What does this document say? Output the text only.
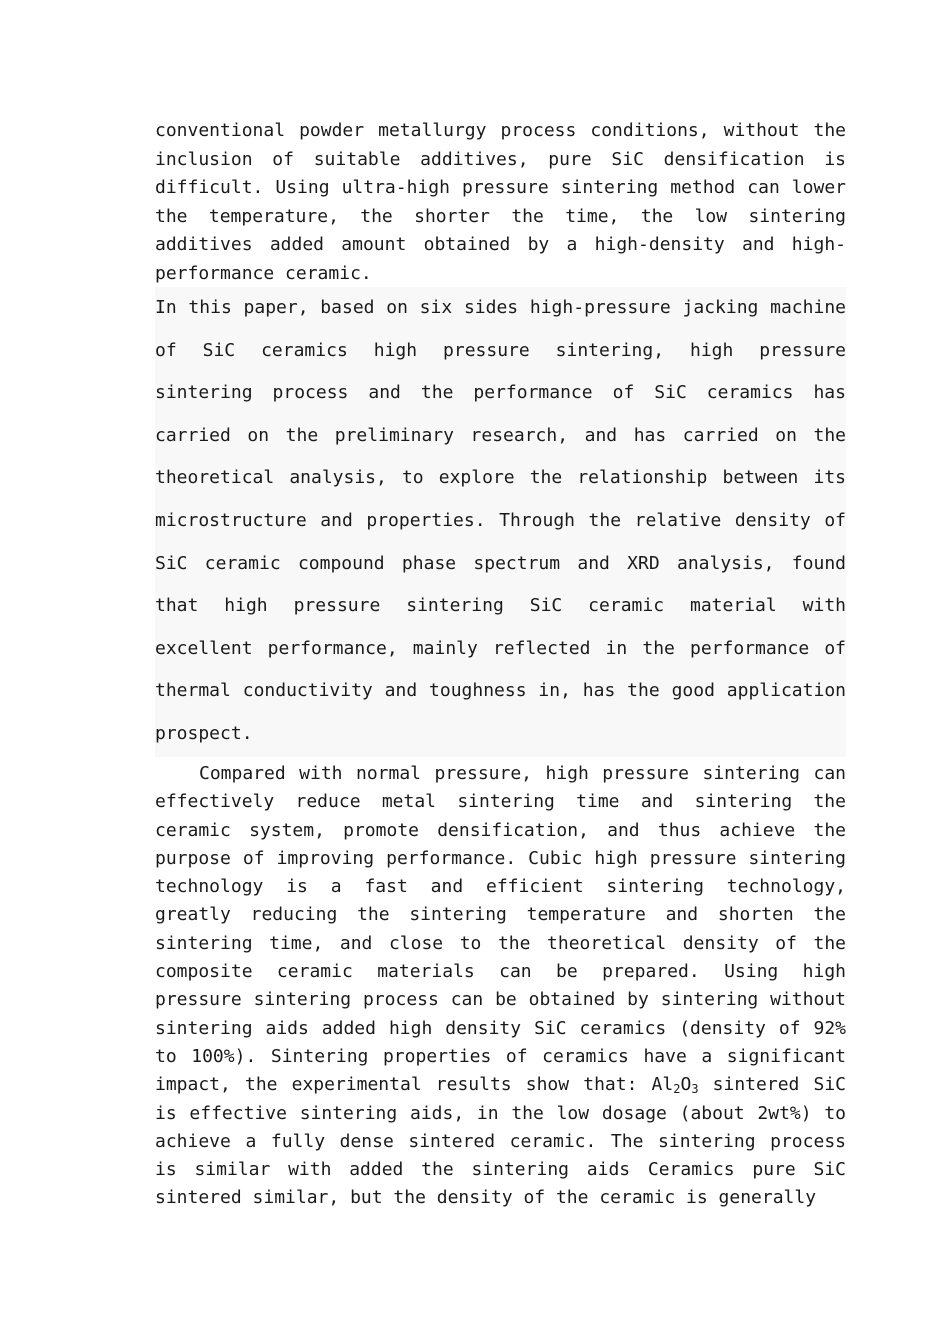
conventional powder metallurgy process conditions, without the inclusion of suitable additives, pure SiC densification is difficult. Using ultra-high pressure sintering method can lower the temperature, the shorter the time, the low sintering additives added amount obtained by a high-density and high-performance ceramic.

In this paper, based on six sides high-pressure jacking machine of SiC ceramics high pressure sintering, high pressure sintering process and the performance of SiC ceramics has carried on the preliminary research, and has carried on the theoretical analysis, to explore the relationship between its microstructure and properties. Through the relative density of SiC ceramic compound phase spectrum and XRD analysis, found that high pressure sintering SiC ceramic material with excellent performance, mainly reflected in the performance of thermal conductivity and toughness in, has the good application prospect.

Compared with normal pressure, high pressure sintering can effectively reduce metal sintering time and sintering the ceramic system, promote densification, and thus achieve the purpose of improving performance. Cubic high pressure sintering technology is a fast and efficient sintering technology, greatly reducing the sintering temperature and shorten the sintering time, and close to the theoretical density of the composite ceramic materials can be prepared. Using high pressure sintering process can be obtained by sintering without sintering aids added high density SiC ceramics (density of 92% to 100%). Sintering properties of ceramics have a significant impact, the experimental results show that: $Al_2O_3$ sintered SiC is effective sintering aids, in the low dosage (about 2wt%) to achieve a fully dense sintered ceramic. The sintering process is similar with added the sintering aids Ceramics pure SiC sintered similar, but the density of the ceramic is generally
